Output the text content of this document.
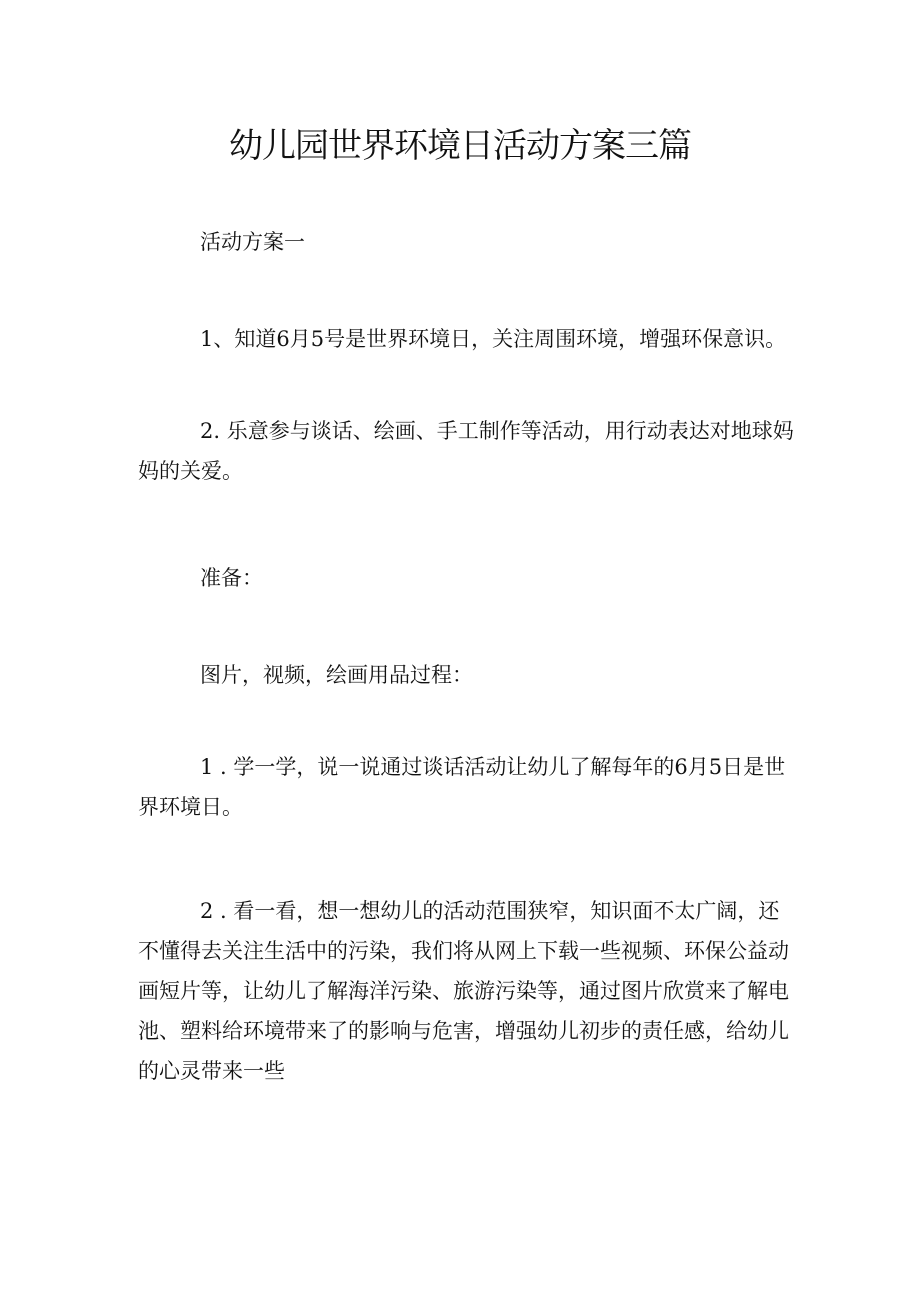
幼儿园世界环境日活动方案三篇

活动方案一

1、知道6月5号是世界环境日，关注周围环境，增强环保意识。

2. 乐意参与谈话、绘画、手工制作等活动，用行动表达对地球妈妈的关爱。

准备：

图片，视频，绘画用品过程：

1 . 学一学，说一说通过谈话活动让幼儿了解每年的6月5日是世界环境日。

2 . 看一看，想一想幼儿的活动范围狭窄，知识面不太广阔，还不懂得去关注生活中的污染，我们将从网上下载一些视频、环保公益动画短片等，让幼儿了解海洋污染、旅游污染等，通过图片欣赏来了解电池、塑料给环境带来了的影响与危害，增强幼儿初步的责任感，给幼儿的心灵带来一些
